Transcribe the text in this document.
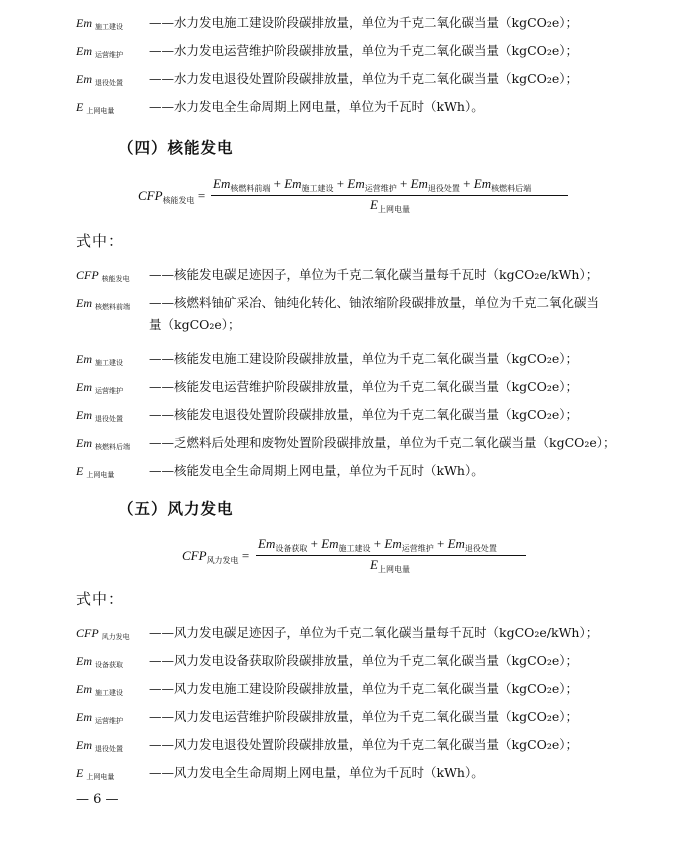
Em $_{施工建设}$ ——水力发电施工建设阶段碳排放量，单位为千克二氧化碳当量（kgCO₂e）；
Em $_{运营维护}$ ——水力发电运营维护阶段碳排放量，单位为千克二氧化碳当量（kgCO₂e）；
Em $_{退役处置}$ ——水力发电退役处置阶段碳排放量，单位为千克二氧化碳当量（kgCO₂e）；
E $_{上网电量}$	——水力发电全生命周期上网电量，单位为千瓦时（kWh）。
（四）核能发电
$CFP_{核能发电}$ =
$Em_{核燃料前端} + Em_{施工建设} + Em_{运营维护} + Em_{退役处置} + Em_{核燃料后端}$
$E_{上网电量}$
式中：
CFP $_{核能发电}$ ——核能发电碳足迹因子，单位为千克二氧化碳当量每千瓦时（kgCO₂e/kWh）；
Em $_{核燃料前端}$ ——核燃料铀矿采冶、铀纯化转化、铀浓缩阶段碳排放量，单位为千克二氧化碳当
量（kgCO₂e）；
Em $_{施工建设}$ ——核能发电施工建设阶段碳排放量，单位为千克二氧化碳当量（kgCO₂e）；
Em $_{运营维护}$ ——核能发电运营维护阶段碳排放量，单位为千克二氧化碳当量（kgCO₂e）；
Em $_{退役处置}$ ——核能发电退役处置阶段碳排放量，单位为千克二氧化碳当量（kgCO₂e）；
Em $_{核燃料后端}$ ——乏燃料后处理和废物处置阶段碳排放量，单位为千克二氧化碳当量（kgCO₂e）；
E $_{上网电量}$	——核能发电全生命周期上网电量，单位为千瓦时（kWh）。
（五）风力发电
$CFP_{风力发电}$ =
$Em_{设备获取} + Em_{施工建设} + Em_{运营维护} + Em_{退役处置}$
$E_{上网电量}$
式中：
CFP $_{风力发电}$ ——风力发电碳足迹因子，单位为千克二氧化碳当量每千瓦时（kgCO₂e/kWh）；
Em $_{设备获取}$ ——风力发电设备获取阶段碳排放量，单位为千克二氧化碳当量（kgCO₂e）；
Em $_{施工建设}$ ——风力发电施工建设阶段碳排放量，单位为千克二氧化碳当量（kgCO₂e）；
Em $_{运营维护}$ ——风力发电运营维护阶段碳排放量，单位为千克二氧化碳当量（kgCO₂e）；
Em $_{退役处置}$ ——风力发电退役处置阶段碳排放量，单位为千克二氧化碳当量（kgCO₂e）；
E $_{上网电量}$	——风力发电全生命周期上网电量，单位为千瓦时（kWh）。
— 6 —
